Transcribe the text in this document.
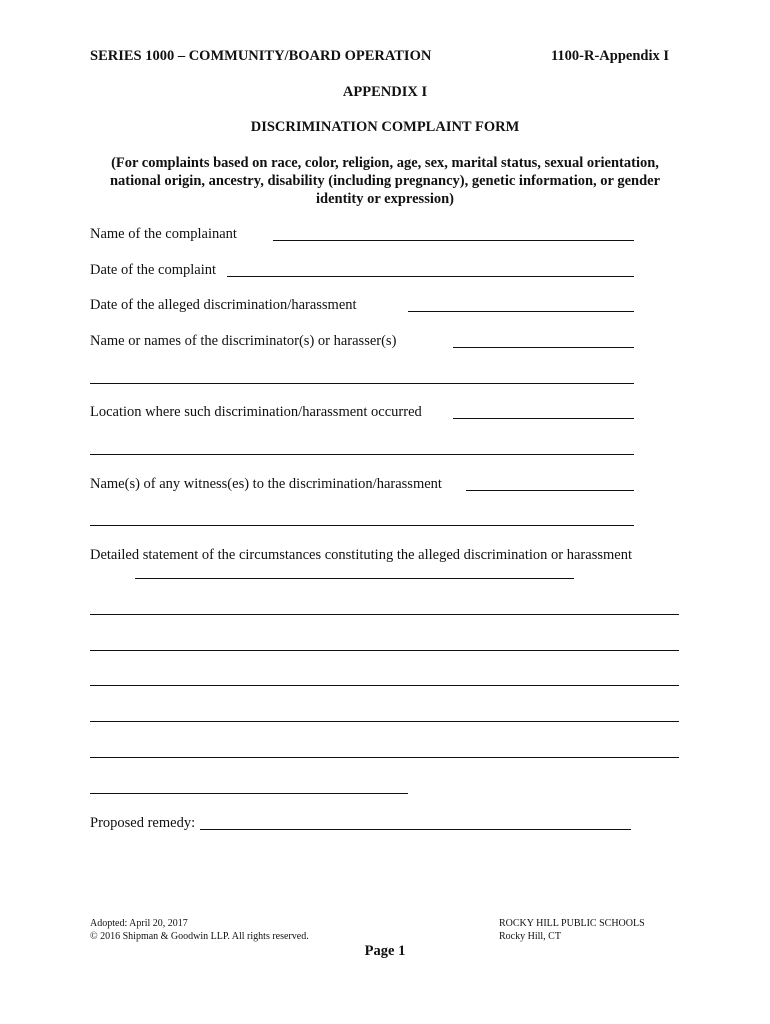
SERIES 1000 – COMMUNITY/BOARD OPERATION	1100-R-Appendix I
APPENDIX I
DISCRIMINATION COMPLAINT FORM
(For complaints based on race, color, religion, age, sex, marital status, sexual orientation, national origin, ancestry, disability (including pregnancy), genetic information, or gender identity or expression)
Name of the complainant
Date of the complaint
Date of the alleged discrimination/harassment
Name or names of the discriminator(s) or harasser(s)
Location where such discrimination/harassment occurred
Name(s) of any witness(es) to the discrimination/harassment
Detailed statement of the circumstances constituting the alleged discrimination or harassment
Proposed remedy:
Adopted: April 20, 2017
© 2016 Shipman & Goodwin LLP. All rights reserved.
ROCKY HILL PUBLIC SCHOOLS
Rocky Hill, CT
Page 1
